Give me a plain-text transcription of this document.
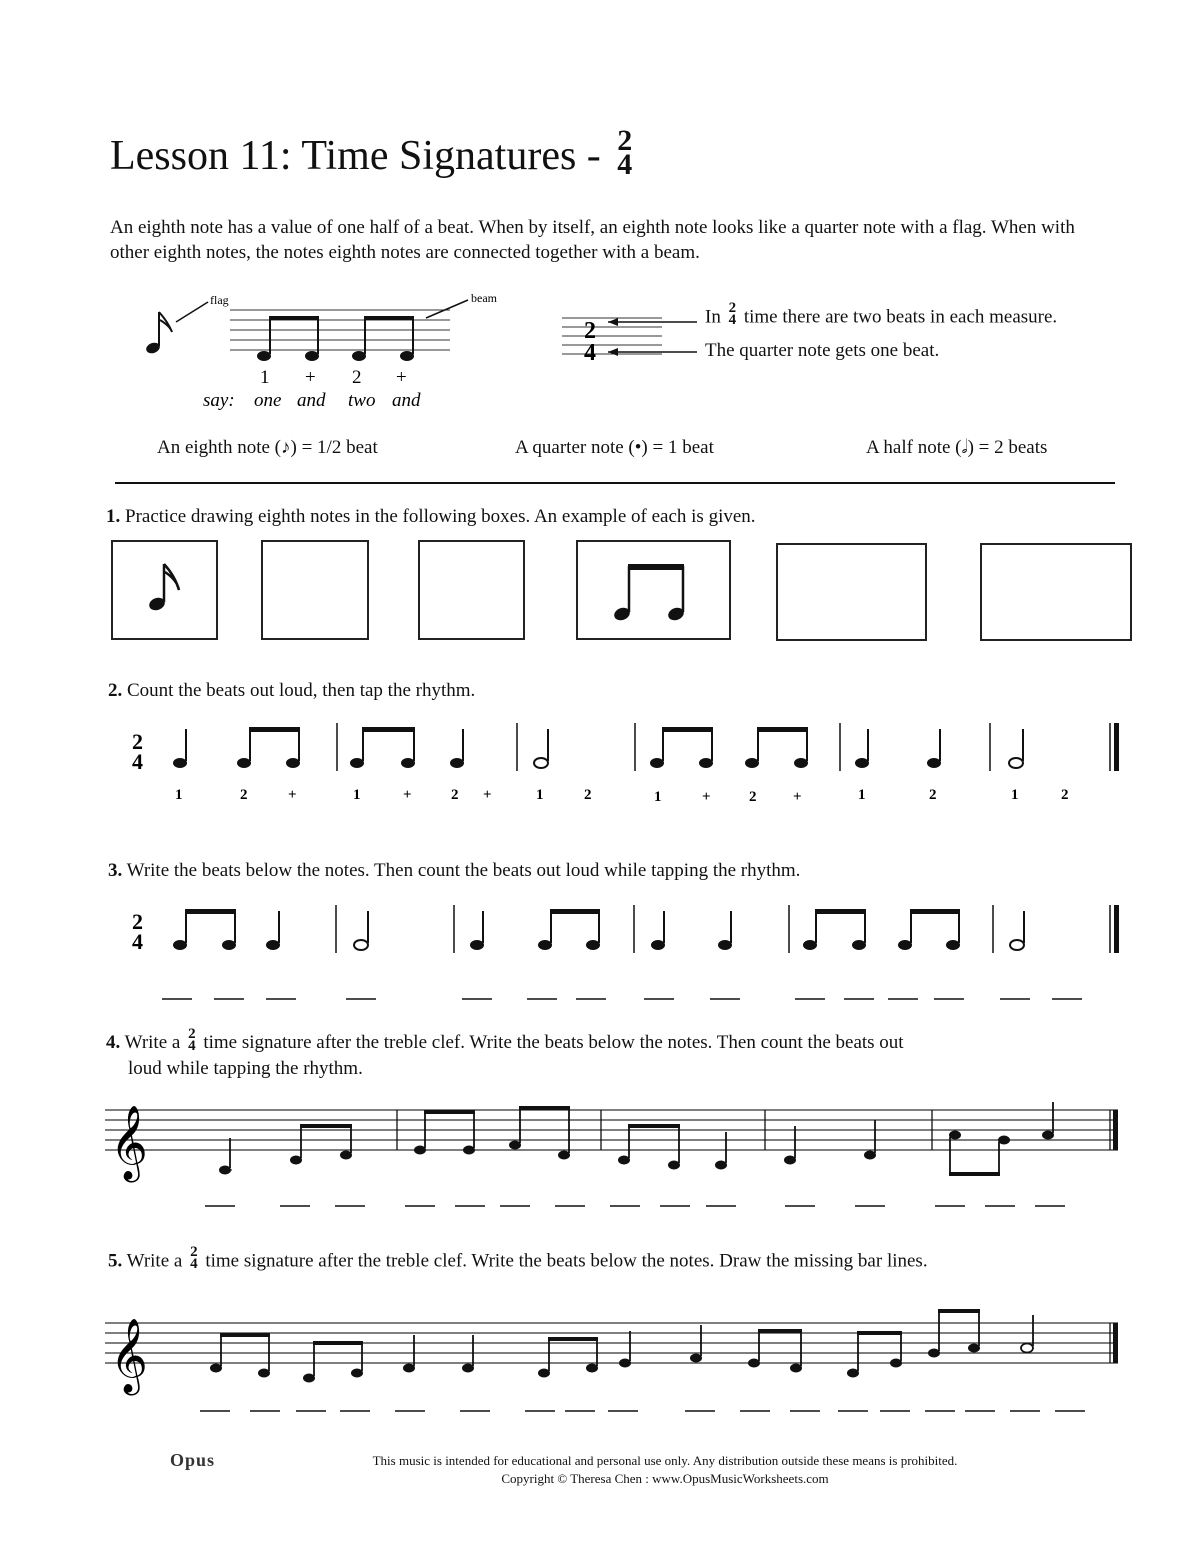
Lesson 11: Time Signatures - 2
4
An eighth note has a value of one half of a beat. When by itself, an eighth note looks like a quarter note with a flag. When with other eighth notes, the notes eighth notes are connected together with a beam.
flag	beam
1 + 2 +
say: one and two and
2
4
In 2
4 time there are two beats in each measure.
The quarter note gets one beat.
An eighth note (♪) = 1/2 beat	A quarter note (•) = 1 beat	A half note (𝅗𝅥) = 2 beats
1. Practice drawing eighth notes in the following boxes. An example of each is given.
2. Count the beats out loud, then tap the rhythm.
2
4
1	2	+	1	+	2 +	1	2	1	+	2 +	1	2	1	2
3. Write the beats below the notes. Then count the beats out loud while tapping the rhythm.
2
4
4. Write a 2
4 time signature after the treble clef. Write the beats below the notes. Then count the beats out
loud while tapping the rhythm.
𝄞
5. Write a 2
4 time signature after the treble clef. Write the beats below the notes. Draw the missing bar lines.
𝄞
Opus	This music is intended for educational and personal use only. Any distribution outside these means is prohibited.
Copyright © Theresa Chen : www.OpusMusicWorksheets.com
